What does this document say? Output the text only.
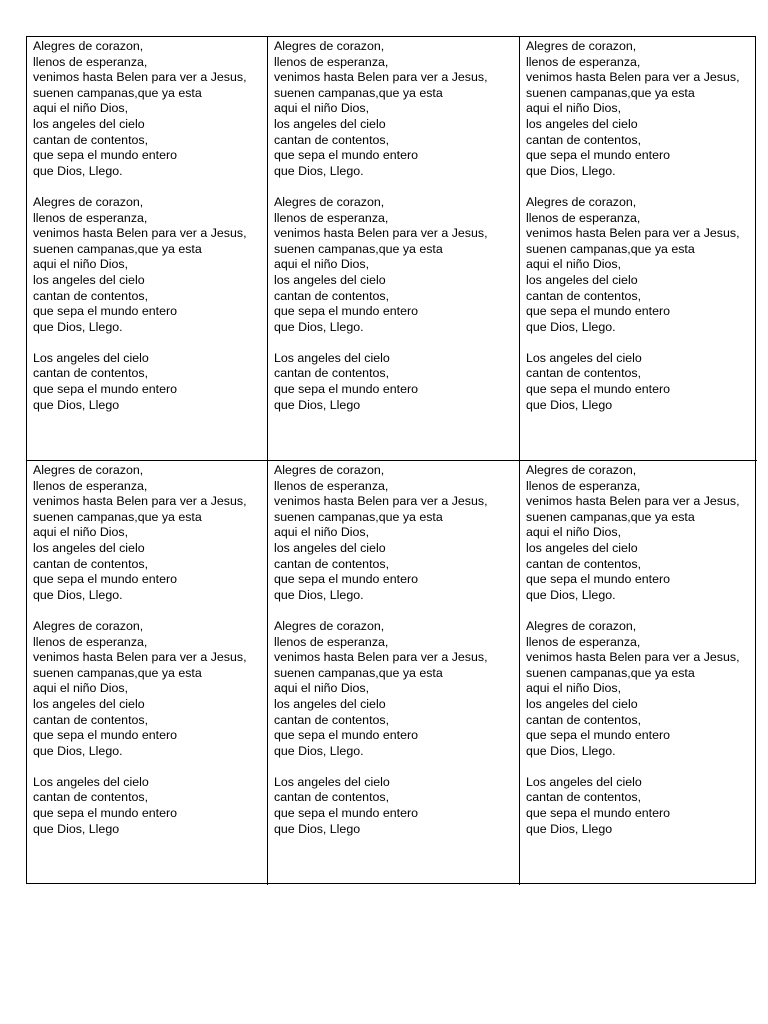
Alegres de corazon,
llenos de esperanza,
venimos hasta Belen para ver a Jesus,
suenen campanas,que ya esta
aqui el niño Dios,
los angeles del cielo
cantan de contentos,
que sepa el mundo entero
que Dios, Llego.
Alegres de corazon,
llenos de esperanza,
venimos hasta Belen para ver a Jesus,
suenen campanas,que ya esta
aqui el niño Dios,
los angeles del cielo
cantan de contentos,
que sepa el mundo entero
que Dios, Llego.
Los angeles del cielo
cantan de contentos,
que sepa el mundo entero
que Dios, Llego
Alegres de corazon,
llenos de esperanza,
venimos hasta Belen para ver a Jesus,
suenen campanas,que ya esta
aqui el niño Dios,
los angeles del cielo
cantan de contentos,
que sepa el mundo entero
que Dios, Llego.
Alegres de corazon,
llenos de esperanza,
venimos hasta Belen para ver a Jesus,
suenen campanas,que ya esta
aqui el niño Dios,
los angeles del cielo
cantan de contentos,
que sepa el mundo entero
que Dios, Llego.
Los angeles del cielo
cantan de contentos,
que sepa el mundo entero
que Dios, Llego
Alegres de corazon,
llenos de esperanza,
venimos hasta Belen para ver a Jesus,
suenen campanas,que ya esta
aqui el niño Dios,
los angeles del cielo
cantan de contentos,
que sepa el mundo entero
que Dios, Llego.
Alegres de corazon,
llenos de esperanza,
venimos hasta Belen para ver a Jesus,
suenen campanas,que ya esta
aqui el niño Dios,
los angeles del cielo
cantan de contentos,
que sepa el mundo entero
que Dios, Llego.
Los angeles del cielo
cantan de contentos,
que sepa el mundo entero
que Dios, Llego
Alegres de corazon,
llenos de esperanza,
venimos hasta Belen para ver a Jesus,
suenen campanas,que ya esta
aqui el niño Dios,
los angeles del cielo
cantan de contentos,
que sepa el mundo entero
que Dios, Llego.
Alegres de corazon,
llenos de esperanza,
venimos hasta Belen para ver a Jesus,
suenen campanas,que ya esta
aqui el niño Dios,
los angeles del cielo
cantan de contentos,
que sepa el mundo entero
que Dios, Llego.
Los angeles del cielo
cantan de contentos,
que sepa el mundo entero
que Dios, Llego
Alegres de corazon,
llenos de esperanza,
venimos hasta Belen para ver a Jesus,
suenen campanas,que ya esta
aqui el niño Dios,
los angeles del cielo
cantan de contentos,
que sepa el mundo entero
que Dios, Llego.
Alegres de corazon,
llenos de esperanza,
venimos hasta Belen para ver a Jesus,
suenen campanas,que ya esta
aqui el niño Dios,
los angeles del cielo
cantan de contentos,
que sepa el mundo entero
que Dios, Llego.
Los angeles del cielo
cantan de contentos,
que sepa el mundo entero
que Dios, Llego
Alegres de corazon,
llenos de esperanza,
venimos hasta Belen para ver a Jesus,
suenen campanas,que ya esta
aqui el niño Dios,
los angeles del cielo
cantan de contentos,
que sepa el mundo entero
que Dios, Llego.
Alegres de corazon,
llenos de esperanza,
venimos hasta Belen para ver a Jesus,
suenen campanas,que ya esta
aqui el niño Dios,
los angeles del cielo
cantan de contentos,
que sepa el mundo entero
que Dios, Llego.
Los angeles del cielo
cantan de contentos,
que sepa el mundo entero
que Dios, Llego
